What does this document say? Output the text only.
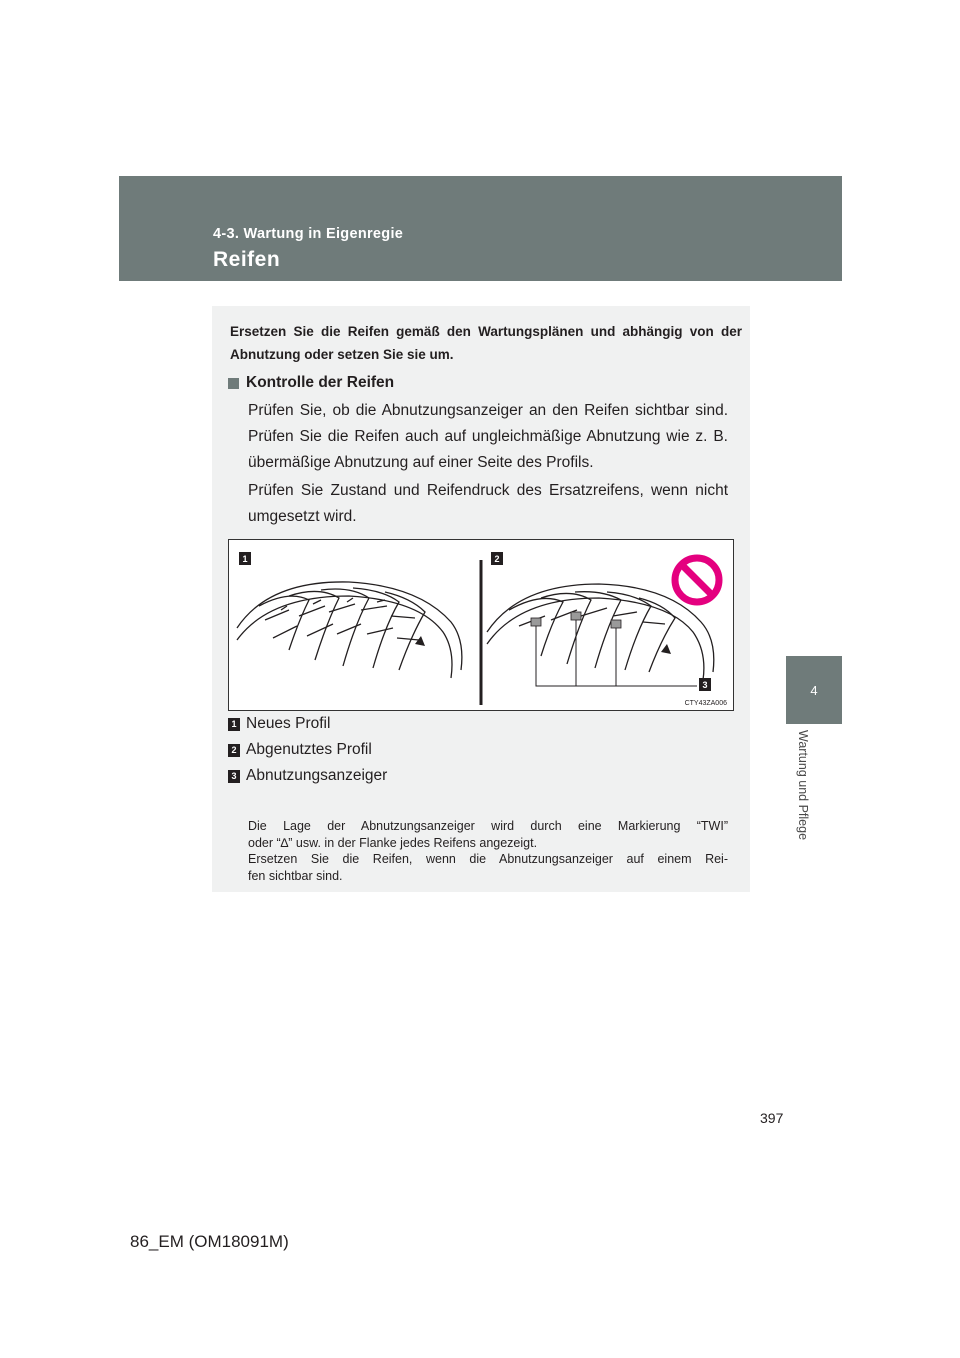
4-3. Wartung in Eigenregie
Reifen
4
Wartung und Pflege
Ersetzen Sie die Reifen gemäß den Wartungsplänen und abhängig von der Abnutzung oder setzen Sie sie um.
Kontrolle der Reifen
Prüfen Sie, ob die Abnutzungsanzeiger an den Reifen sichtbar sind. Prüfen Sie die Reifen auch auf ungleichmäßige Abnutzung wie z. B. übermäßige Abnutzung auf einer Seite des Profils.
Prüfen Sie Zustand und Reifendruck des Ersatzreifens, wenn nicht umgesetzt wird.
1	2
3
CTY43ZA006
1 Neues Profil
2 Abgenutztes Profil
3 Abnutzungsanzeiger
Die Lage der Abnutzungsanzeiger wird durch eine Markierung “TWI”
oder “∆” usw. in der Flanke jedes Reifens angezeigt.
Ersetzen Sie die Reifen, wenn die Abnutzungsanzeiger auf einem Rei-
fen sichtbar sind.
397
86_EM (OM18091M)
